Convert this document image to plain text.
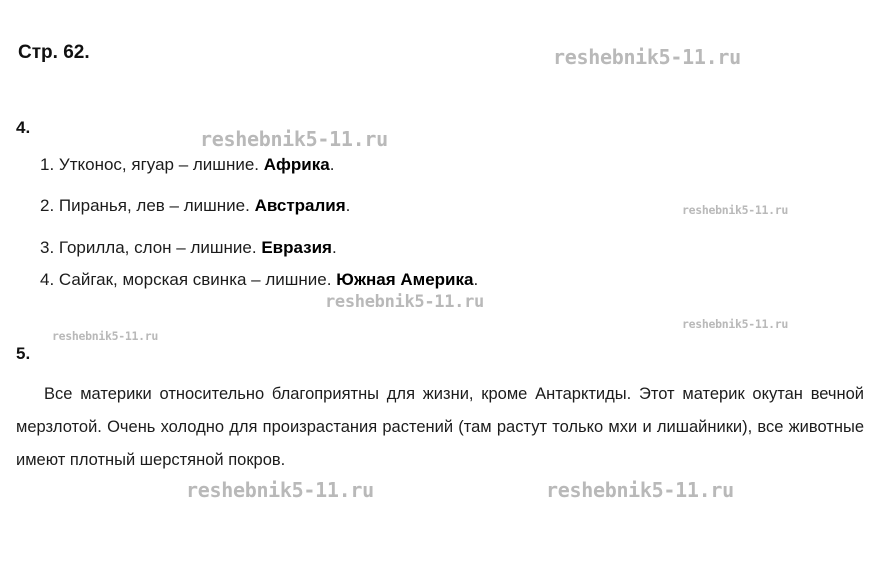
reshebnik5-11.ru
reshebnik5-11.ru
reshebnik5-11.ru
reshebnik5-11.ru
reshebnik5-11.ru
reshebnik5-11.ru
reshebnik5-11.ru	reshebnik5-11.ru
Стр. 62.
4.
1. Утконос, ягуар – лишние. Африка.
2. Пиранья, лев – лишние. Австралия.
3. Горилла, слон – лишние. Евразия.
4. Сайгак, морская свинка – лишние. Южная Америка.
5.
Все материки относительно благоприятны для жизни, кроме Антарктиды. Этот материк окутан вечной мерзлотой. Очень холодно для произрастания растений (там растут только мхи и лишайники), все животные имеют плотный шерстяной покров.
